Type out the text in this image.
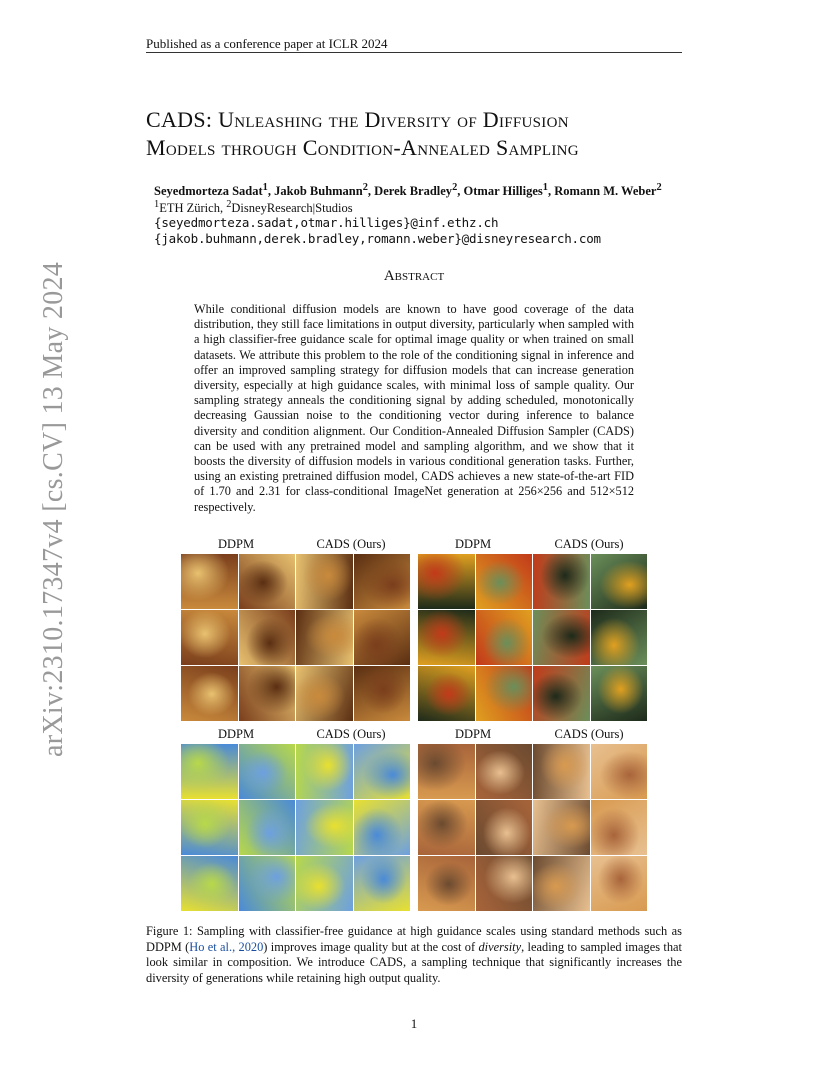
Published as a conference paper at ICLR 2024
arXiv:2310.17347v4 [cs.CV] 13 May 2024
CADS: Unleashing the Diversity of Diffusion
Models through Condition-Annealed Sampling
Seyedmorteza Sadat$^1$, Jakob Buhmann$^2$, Derek Bradley$^2$, Otmar Hilliges$^1$, Romann M. Weber$^2$
$^1$ETH Zürich, $^2$DisneyResearch|Studios
{seyedmorteza.sadat,otmar.hilliges}@inf.ethz.ch
{jakob.buhmann,derek.bradley,romann.weber}@disneyresearch.com
Abstract
While conditional diffusion models are known to have good coverage of the data distribution, they still face limitations in output diversity, particularly when sampled with a high classifier-free guidance scale for optimal image quality or when trained on small datasets. We attribute this problem to the role of the conditioning signal in inference and offer an improved sampling strategy for diffusion models that can increase generation diversity, especially at high guidance scales, with minimal loss of sample quality. Our sampling strategy anneals the conditioning signal by adding scheduled, monotonically decreasing Gaussian noise to the conditioning vector during inference to balance diversity and condition alignment. Our Condition-Annealed Diffusion Sampler (CADS) can be used with any pretrained model and sampling algorithm, and we show that it boosts the diversity of diffusion models in various conditional generation tasks. Further, using an existing pretrained diffusion model, CADS achieves a new state-of-the-art FID of 1.70 and 2.31 for class-conditional ImageNet generation at 256×256 and 512×512 respectively.
DDPM	CADS (Ours)	DDPM	CADS (Ours)
DDPM	CADS (Ours)	DDPM	CADS (Ours)
Figure 1: Sampling with classifier-free guidance at high guidance scales using standard methods such as DDPM (Ho et al., 2020) improves image quality but at the cost of diversity, leading to sampled images that look similar in composition. We introduce CADS, a sampling technique that significantly increases the diversity of generations while retaining high output quality.
1
